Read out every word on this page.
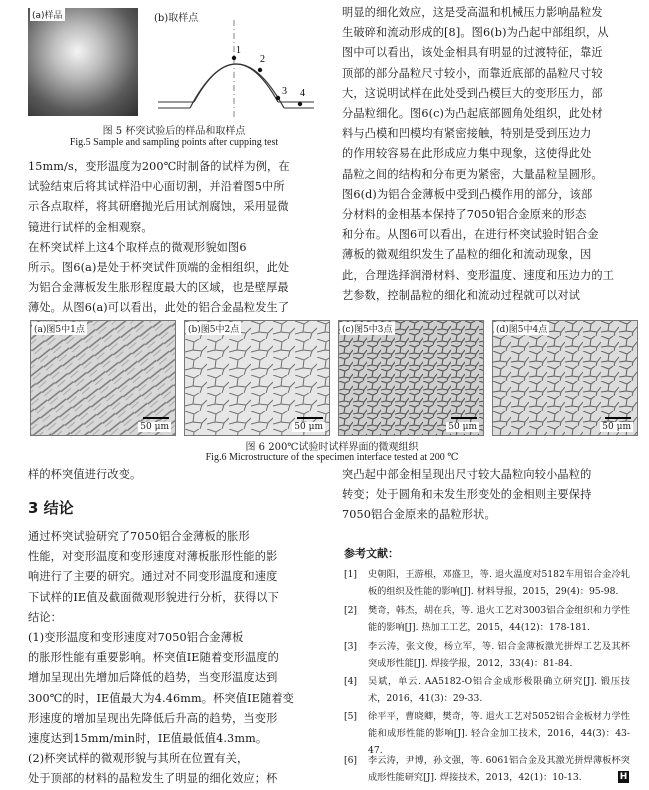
(a)样品	(b)取样点
1
2
3 4
图 5 杯突试验后的样品和取样点
Fig.5 Sample and sampling points after cupping test
15mm/s，变形温度为200℃时制备的试样为例，在
试验结束后将其试样沿中心面切割，并沿着图5中所
示各点取样，将其研磨抛光后用试剂腐蚀，采用显微
镜进行试样的金相观察。
在杯突试样上这4个取样点的微观形貌如图6
所示。图6(a)是处于杯突试件顶端的金相组织，此处
为铝合金薄板发生胀形程度最大的区域，也是壁厚最
薄处。从图6(a)可以看出，此处的铝合金晶粒发生了
明显的细化效应，这是受高温和机械压力影响晶粒发
生破碎和流动形成的[8]。图6(b)为凸起中部组织，从
图中可以看出，该处金相具有明显的过渡特征，靠近
顶部的部分晶粒尺寸较小，而靠近底部的晶粒尺寸较
大，这说明试样在此处受到凸模巨大的变形压力，部
分晶粒细化。图6(c)为凸起底部圆角处组织，此处材
料与凸模和凹模均有紧密接触，特别是受到压边力
的作用较容易在此形成应力集中现象，这使得此处
晶粒之间的结构和分布更为紧密，大量晶粒呈圆形。
图6(d)为铝合金薄板中受到凸模作用的部分，该部
分材料的金相基本保持了7050铝合金原来的形态
和分布。从图6可以看出，在进行杯突试验时铝合金
薄板的微观组织发生了晶粒的细化和流动现象，因
此，合理选择润滑材料、变形温度、速度和压边力的工
艺参数，控制晶粒的细化和流动过程就可以对试
(a)图5中1点
50 μm
(b)图5中2点
50 μm
(c)图5中3点
50 μm
(d)图5中4点
50 μm
图 6 200℃试验时试样界面的微观组织
Fig.6 Microstructure of the specimen interface tested at 200 ℃
样的杯突值进行改变。
3 结论
通过杯突试验研究了7050铝合金薄板的胀形
性能，对变形温度和变形速度对薄板胀形性能的影
响进行了主要的研究。通过对不同变形温度和速度
下试样的IE值及截面微观形貌进行分析，获得以下
结论：
(1)变形温度和变形速度对7050铝合金薄板
的胀形性能有重要影响。杯突值IE随着变形温度的
增加呈现出先增加后降低的趋势，当变形温度达到
300℃的时，IE值最大为4.46mm。杯突值IE随着变
形速度的增加呈现出先降低后升高的趋势，当变形
速度达到15mm/min时，IE值最低值4.3mm。
(2)杯突试样的微观形貌与其所在位置有关，
处于顶部的材料的晶粒发生了明显的细化效应；杯
突凸起中部金相呈现出尺寸较大晶粒向较小晶粒的
转变；处于圆角和未发生形变处的金相则主要保持
7050铝合金原来的晶粒形状。
参考文献：
[1] 史朝阳，王游根，邓盛卫，等. 退火温度对5182车用铝合金冷轧板的组织及性能的影响[J]. 材料导报，2015，29(4)：95-98.
[2] 樊奇，韩杰，胡在兵，等. 退火工艺对3003铝合金组织和力学性能的影响[J]. 热加工工艺，2015，44(12)：178-181.
[3] 李云涛，张文俊，杨立军，等. 铝合金薄板激光拼焊工艺及其杯突成形性能[J]. 焊接学报，2012，33(4)：81-84.
[4] 吴斌，单云. AA5182-O铝合金成形极限确立研究[J]. 锻压技术，2016，41(3)：29-33.
[5] 徐平平，曹晓卿，樊奇，等. 退火工艺对5052铝合金板材力学性能和成形性能的影响[J]. 轻合金加工技术，2016，44(3)：43-47.
[6] 李云涛，尹博，孙文强，等. 6061铝合金及其激光拼焊薄板杯突成形性能研究[J]. 焊接技术，2013，42(1)：10-13.	H
